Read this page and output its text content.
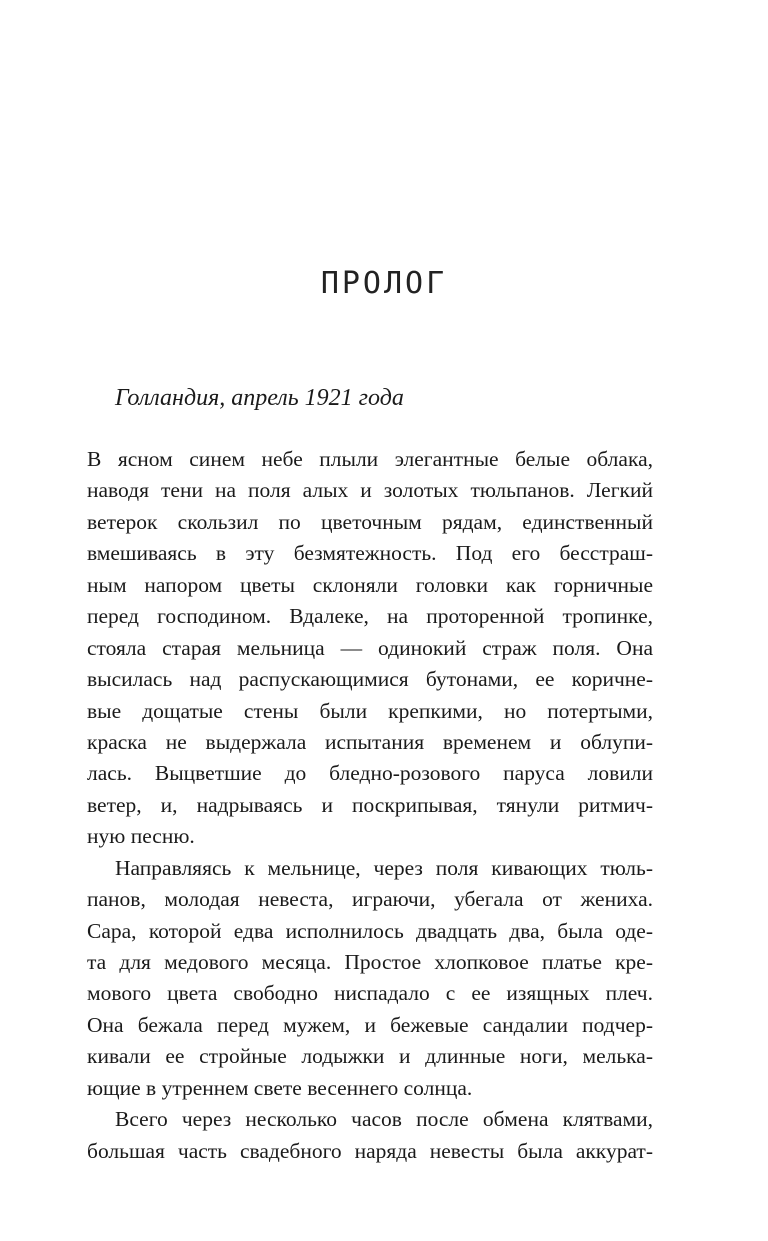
ПРОЛОГ

Голландия, апрель 1921 года

В ясном синем небе плыли элегантные белые облака,
наводя тени на поля алых и золотых тюльпанов. Легкий
ветерок скользил по цветочным рядам, единственный
вмешиваясь в эту безмятежность. Под его бесстраш-
ным напором цветы склоняли головки как горничные
перед господином. Вдалеке, на проторенной тропинке,
стояла старая мельница — одинокий страж поля. Она
высилась над распускающимися бутонами, ее коричне-
вые дощатые стены были крепкими, но потертыми,
краска не выдержала испытания временем и облупи-
лась. Выцветшие до бледно-розового паруса ловили
ветер, и, надрываясь и поскрипывая, тянули ритмич-
ную песню.
Направляясь к мельнице, через поля кивающих тюль-
панов, молодая невеста, играючи, убегала от жениха.
Сара, которой едва исполнилось двадцать два, была оде-
та для медового месяца. Простое хлопковое платье кре-
мового цвета свободно ниспадало с ее изящных плеч.
Она бежала перед мужем, и бежевые сандалии подчер-
кивали ее стройные лодыжки и длинные ноги, мелька-
ющие в утреннем свете весеннего солнца.
Всего через несколько часов после обмена клятвами,
большая часть свадебного наряда невесты была аккурат-
